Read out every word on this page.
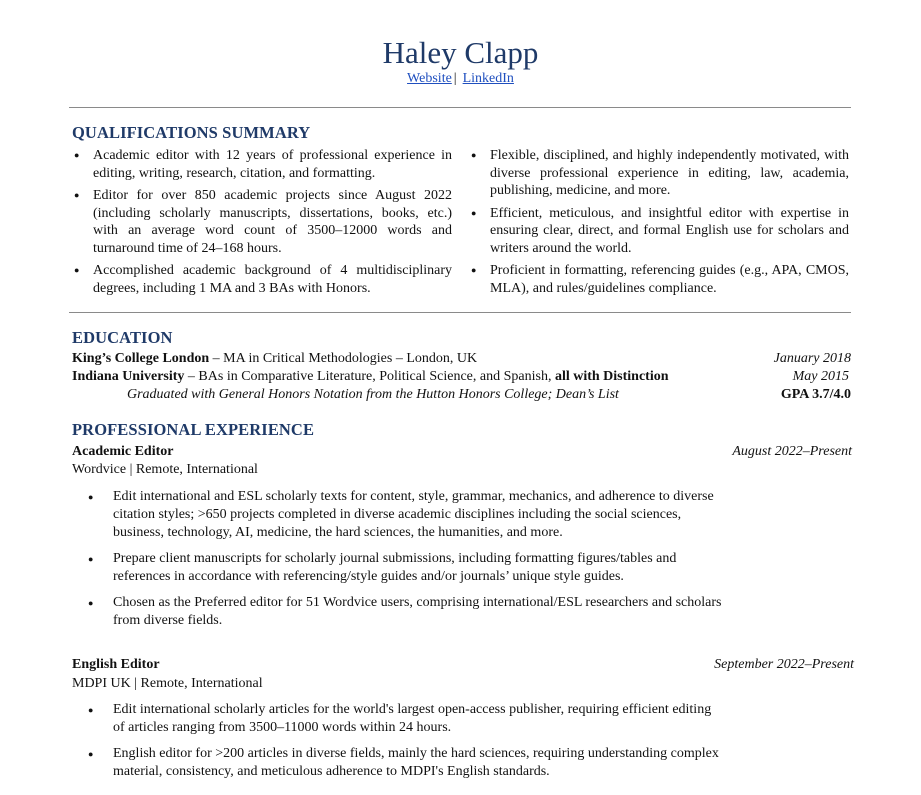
Haley Clapp
Website | LinkedIn
QUALIFICATIONS SUMMARY
● Academic editor with 12 years of professional experience in editing, writing, research, citation, and formatting.
● Editor for over 850 academic projects since August 2022 (including scholarly manuscripts, dissertations, books, etc.) with an average word count of 3500–12000 words and turnaround time of 24–168 hours.
● Accomplished academic background of 4 multidisciplinary degrees, including 1 MA and 3 BAs with Honors.
● Flexible, disciplined, and highly independently motivated, with diverse professional experience in editing, law, academia, publishing, medicine, and more.
● Efficient, meticulous, and insightful editor with expertise in ensuring clear, direct, and formal English use for scholars and writers around the world.
● Proficient in formatting, referencing guides (e.g., APA, CMOS, MLA), and rules/guidelines compliance.
EDUCATION
King’s College London – MA in Critical Methodologies – London, UK	January 2018
Indiana University – BAs in Comparative Literature, Political Science, and Spanish, all with Distinction	May 2015
Graduated with General Honors Notation from the Hutton Honors College; Dean’s List	GPA 3.7/4.0
PROFESSIONAL EXPERIENCE
Academic Editor	August 2022–Present
Wordvice | Remote, International
● Edit international and ESL scholarly texts for content, style, grammar, mechanics, and adherence to diverse citation styles; >650 projects completed in diverse academic disciplines including the social sciences, business, technology, AI, medicine, the hard sciences, the humanities, and more.
● Prepare client manuscripts for scholarly journal submissions, including formatting figures/tables and references in accordance with referencing/style guides and/or journals’ unique style guides.
● Chosen as the Preferred editor for 51 Wordvice users, comprising international/ESL researchers and scholars from diverse fields.
English Editor	September 2022–Present
MDPI UK | Remote, International
● Edit international scholarly articles for the world's largest open-access publisher, requiring efficient editing of articles ranging from 3500–11000 words within 24 hours.
● English editor for >200 articles in diverse fields, mainly the hard sciences, requiring understanding complex material, consistency, and meticulous adherence to MDPI's English standards.
